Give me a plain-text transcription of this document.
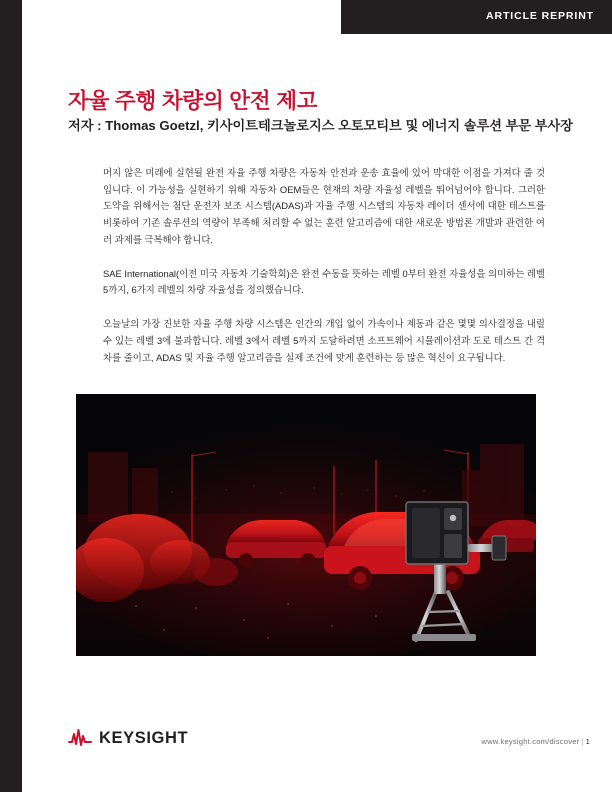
ARTICLE REPRINT
자율 주행 차량의 안전 제고
저자 : Thomas Goetzl, 키사이트테크놀로지스 오토모티브 및 에너지 솔루션 부문 부사장

머지 않은 미래에 실현될 완전 자율 주행 차량은 자동차 안전과 운송 효율에 있어 막대한 이점을 가져다 줄 것입니다. 이 가능성을 실현하기 위해 자동차 OEM들은 현재의 차량 자율성 레벨을 뛰어넘어야 합니다. 그러한 도약을 위해서는 첨단 운전자 보조 시스템(ADAS)과 자율 주행 시스템의 자동차 레이더 센서에 대한 테스트를 비롯하여 기존 솔루션의 역량이 부족해 처리할 수 없는 훈련 알고리즘에 대한 새로운 방법론 개발과 관련한 여러 과제를 극복해야 합니다.

SAE International(이전 미국 자동차 기술학회)은 완전 수동을 뜻하는 레벨 0부터 완전 자율성을 의미하는 레벨 5까지, 6가지 레벨의 차량 자율성을 정의했습니다.

오늘날의 가장 진보한 자율 주행 차량 시스템은 인간의 개입 없이 가속이나 제동과 같은 몇몇 의사결정을 내릴 수 있는 레벨 3에 불과합니다. 레벨 3에서 레벨 5까지 도달하려면 소프트웨어 시뮬레이션과 도로 테스트 간 격차를 줄이고, ADAS 및 자율 주행 알고리즘을 실제 조건에 맞게 훈련하는 등 많은 혁신이 요구됩니다.

KEYSIGHT	www.keysight.com/discover | 1
